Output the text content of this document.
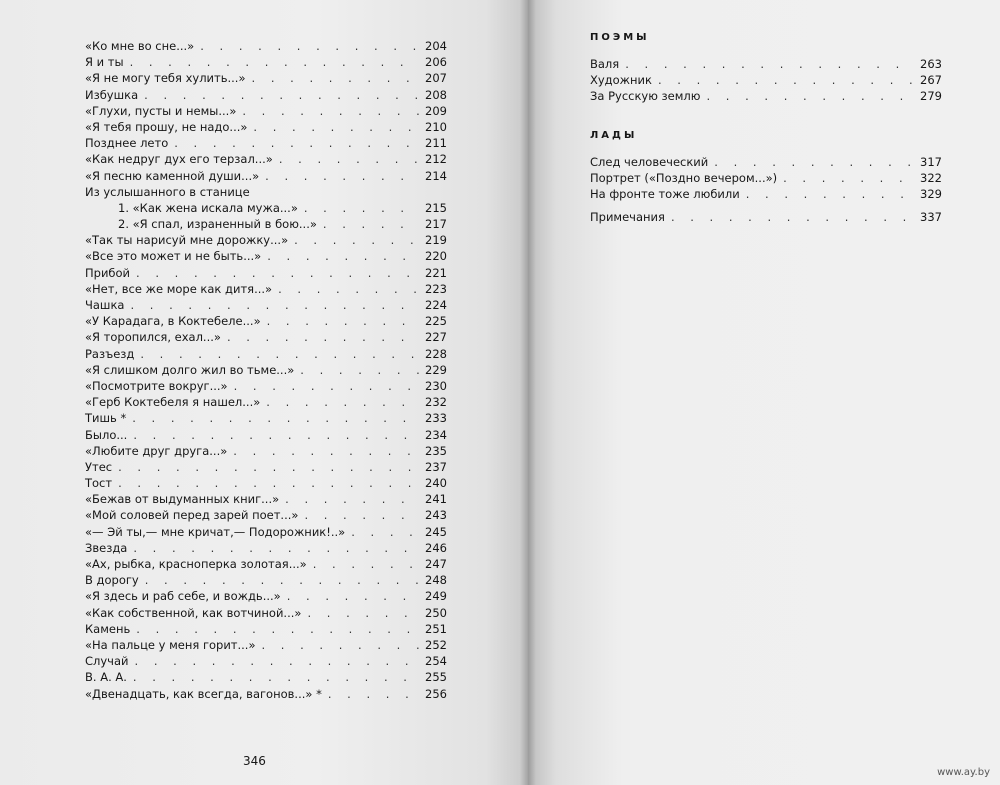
«Ко мне во сне...» . . .	204
Я и ты . . .	206
«Я не могу тебя хулить...» . . .	207
Избушка . . .	208
«Глухи, пусты и немы...» . . .	209
«Я тебя прошу, не надо...» . . .	210
Позднее лето . . .	211
«Как недруг дух его терзал...» . . .	212
«Я песню каменной души...» . . .	214
Из услышанного в станице
1. «Как жена искала мужа...» . . .	215
2. «Я спал, израненный в бою...» . . .	217
«Так ты нарисуй мне дорожку...» . . .	219
«Все это может и не быть...» . . .	220
Прибой . . .	221
«Нет, все же море как дитя...» . . .	223
Чашка . . .	224
«У Карадага, в Коктебеле...» . . .	225
«Я торопился, ехал...» . . .	227
Разъезд . . .	228
«Я слишком долго жил во тьме...» . . .	229
«Посмотрите вокруг...» . . .	230
«Герб Коктебеля я нашел...» . . .	232
Тишь * . . .	233
Было... . . .	234
«Любите друг друга...» . . .	235
Утес . . .	237
Тост . . .	240
«Бежав от выдуманных книг...» . . .	241
«Мой соловей перед зарей поет...» . . .	243
«— Эй ты,— мне кричат,— Подорожник!..» . . .	245
Звезда . . .	246
«Ах, рыбка, красноперка золотая...» . . .	247
В дорогу . . .	248
«Я здесь и раб себе, и вождь...» . . .	249
«Как собственной, как вотчиной...» . . .	250
Камень . . .	251
«На пальце у меня горит...» . . .	252
Случай . . .	254
В. А. А. . . .	255
«Двенадцать, как всегда, вагонов...» * . . .	256
346
ПОЭМЫ
Валя . . .	263
Художник . . .	267
За Русскую землю . . .	279
ЛАДЫ
След человеческий . . .	317
Портрет («Поздно вечером...») . . .	322
На фронте тоже любили . . .	329
Примечания . . .	337
www.ay.by
